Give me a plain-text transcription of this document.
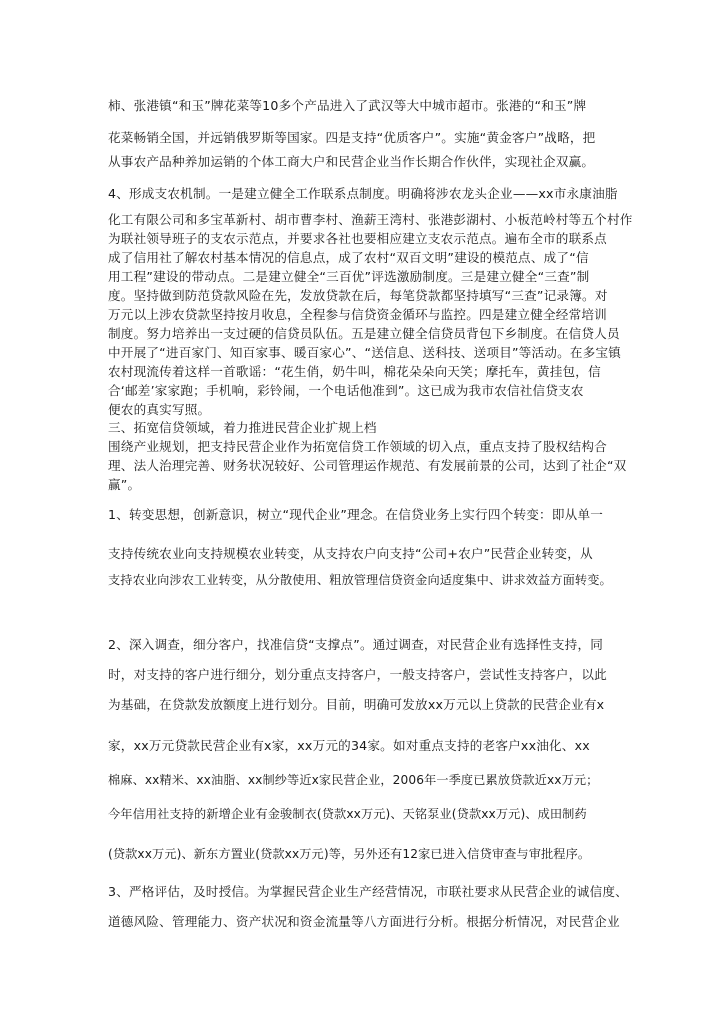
柿、张港镇“和玉”牌花菜等10多个产品进入了武汉等大中城市超市。张港的“和玉”牌
花菜畅销全国，并远销俄罗斯等国家。四是支持“优质客户”。实施“黄金客户”战略，把
从事农产品种养加运销的个体工商大户和民营企业当作长期合作伙伴，实现社企双赢。
4、形成支农机制。一是建立健全工作联系点制度。明确将涉农龙头企业——xx市永康油脂
化工有限公司和多宝革新村、胡市曹李村、渔薪王湾村、张港彭湖村、小板范岭村等五个村作
为联社领导班子的支农示范点，并要求各社也要相应建立支农示范点。遍布全市的联系点
成了信用社了解农村基本情况的信息点，成了农村“双百文明”建设的模范点、成了“信
用工程”建设的带动点。二是建立健全“三百优”评选激励制度。三是建立健全“三查”制
度。坚持做到防范贷款风险在先，发放贷款在后，每笔贷款都坚持填写“三查”记录簿。对
万元以上涉农贷款坚持按月收息，全程参与信贷资金循环与监控。四是建立健全经常培训
制度。努力培养出一支过硬的信贷员队伍。五是建立健全信贷员背包下乡制度。在信贷人员
中开展了“进百家门、知百家事、暖百家心”、“送信息、送科技、送项目”等活动。在多宝镇
农村现流传着这样一首歌谣：“花生俏，奶牛叫，棉花朵朵向天笑；摩托车，黄挂包，信
合‘邮差’家家跑；手机响，彩铃闹，一个电话他准到”。这已成为我市农信社信贷支农
便农的真实写照。
三、拓宽信贷领域，着力推进民营企业扩规上档
围绕产业规划，把支持民营企业作为拓宽信贷工作领域的切入点，重点支持了股权结构合
理、法人治理完善、财务状况较好、公司管理运作规范、有发展前景的公司，达到了社企“双
赢”。
1、转变思想，创新意识，树立“现代企业”理念。在信贷业务上实行四个转变：即从单一
支持传统农业向支持规模农业转变，从支持农户向支持“公司+农户”民营企业转变，从
支持农业向涉农工业转变，从分散使用、粗放管理信贷资金向适度集中、讲求效益方面转变。
2、深入调查，细分客户，找准信贷“支撑点”。通过调查，对民营企业有选择性支持，同
时，对支持的客户进行细分，划分重点支持客户，一般支持客户，尝试性支持客户，以此
为基础，在贷款发放额度上进行划分。目前，明确可发放xx万元以上贷款的民营企业有x
家，xx万元贷款民营企业有x家，xx万元的34家。如对重点支持的老客户xx油化、xx
棉麻、xx精米、xx油脂、xx制纱等近x家民营企业，2006年一季度已累放贷款近xx万元；
今年信用社支持的新增企业有金骏制衣(贷款xx万元)、天铭泵业(贷款xx万元)、成田制药
(贷款xx万元)、新东方置业(贷款xx万元)等，另外还有12家已进入信贷审查与审批程序。
3、严格评估，及时授信。为掌握民营企业生产经营情况，市联社要求从民营企业的诚信度、
道德风险、管理能力、资产状况和资金流量等八方面进行分析。根据分析情况，对民营企业
